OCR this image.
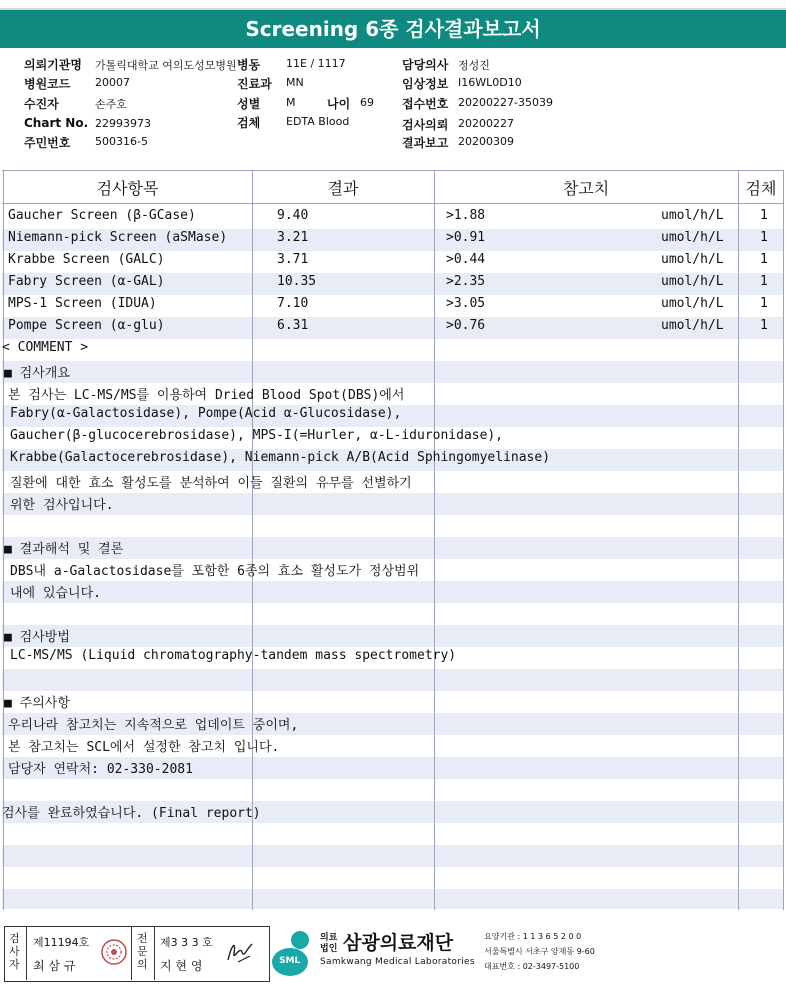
Screening 6종 검사결과보고서
의뢰기관명 가톨릭대학교 여의도성모병원 병동 11E / 1117	담당의사 정성진
병원코드 20007	진료과 MN	임상정보 I16WL0D10
수진자	손주호	성별 M	나이 69 접수번호 20200227-35039
Chart No. 22993973	검체 EDTA Blood	검사의뢰 20200227
주민번호 500316-5	결과보고 20200309
검사항목	결과	참고치	검체
Gaucher Screen (β-GCase)	9.40	>1.88	umol/h/L	1
Niemann-pick Screen (aSMase)	3.21	>0.91	umol/h/L	1
Krabbe Screen (GALC)	3.71	>0.44	umol/h/L	1
Fabry Screen (α-GAL)	10.35	>2.35	umol/h/L	1
MPS-1 Screen (IDUA)	7.10	>3.05	umol/h/L	1
Pompe Screen (α-glu)	6.31	>0.76	umol/h/L	1
< COMMENT >
■ 검사개요
본 검사는 LC-MS/MS를 이용하여 Dried Blood Spot(DBS)에서
Fabry(α-Galactosidase), Pompe(Acid α-Glucosidase),
Gaucher(β-glucocerebrosidase), MPS-I(=Hurler, α-L-iduronidase),
Krabbe(Galactocerebrosidase), Niemann-pick A/B(Acid Sphingomyelinase)
질환에 대한 효소 활성도를 분석하여 이들 질환의 유무를 선별하기
위한 검사입니다.
■ 결과해석 및 결론
DBS내 a-Galactosidase를 포함한 6종의 효소 활성도가 정상범위
내에 있습니다.
■ 검사방법
LC-MS/MS (Liquid chromatography-tandem mass spectrometry)
■ 주의사항
우리나라 참고치는 지속적으로 업데이트 중이며,
본 참고치는 SCL에서 설정한 참고치 입니다.
담당자 연락처: 02-330-2081
검사를 완료하였습니다. (Final report)
검사자
제11194호
최 삼 규
전문의
제3 3 3 호
지 현 영	SML
의료
법인 삼광의료재단
Samkwang Medical Laboratories
요양기관 : 1 1 3 6 5 2 0 0
서울특별시 서초구 양재동 9-60
대표번호 : 02-3497-5100
